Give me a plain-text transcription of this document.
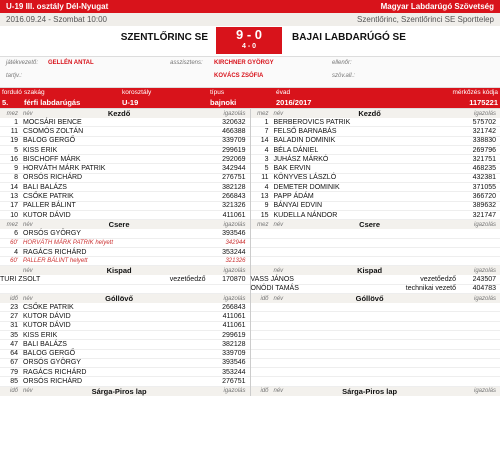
U-19 III. osztály Dél-Nyugat	Magyar Labdarúgó Szövetség
2016.09.24 - Szombat 10:00	Szentlőrinc, Szentlőrinci SE Sporttelep
SZENTLŐRINC SE	9 - 0
4 - 0
BAJAI LABDARÚGÓ SE
játékvezető: GELLÉN ANTAL	asszisztens: KIRCHNER GYÖRGY
KOVÁCS ZSÓFIA
ellenőr:
tartjv.:	szöv.all.:
forduló
5.
szakág
férfi labdarúgás
korosztály
U-19
típus
bajnoki
évad
2016/2017
mérkőzés kódja
1175221
mez név	Kezdő	igazolás
1 MOCSÁRI BENCE	320632
11 CSOMÓS ZOLTÁN	466388
19 BALOG GERGŐ	339709
5 KISS ERIK	299619
16 BISCHOFF MÁRK	292069
9 HORVÁTH MÁRK PATRIK	342944
8 ORSÓS RICHÁRD	276751
14 BALI BALÁZS	382128
13 CSŐKE PATRIK	266843
17 PALLER BÁLINT	321326
10 KUTOR DÁVID	411061
mez név	Csere	igazolás
6 ORSÓS GYÖRGY	393546
60' HORVÁTH MÁRK PATRIK helyett	342944
4 RAGÁCS RICHÁRD	353244
60' PALLER BÁLINT helyett	321326
név	Kispad	igazolás
TURI ZSOLT	vezetőedző	170870
idő név	Góllövő	igazolás
23 CSŐKE PATRIK	266843
27 KUTOR DÁVID	411061
31 KUTOR DÁVID	411061
35 KISS ERIK	299619
47 BALI BALÁZS	382128
64 BALOG GERGŐ	339709
67 ORSÓS GYÖRGY	393546
79 RAGÁCS RICHÁRD	353244
85 ORSÓS RICHÁRD	276751
idő név	Sárga-Piros lap	igazolás
mez név	Kezdő	igazolás
1 BERBEROVICS PATRIK	575702
7 FELSŐ BARNABÁS	321742
14 BALADIN DOMINIK	338830
4 BÉLA DÁNIEL	269796
3 JUHÁSZ MÁRKÓ	321751
5 BAK ERVIN	468235
11 KÖNYVES LÁSZLÓ	432381
4 DEMETER DOMINIK	371055
13 PAPP ÁDÁM	366720
9 BÁNYAI EDVIN	389632
15 KUDELLA NÁNDOR	321747
mez név	Csere	igazolás
név	Kispad	igazolás
VASS JÁNOS	vezetőedző	243507
ONÓDI TAMÁS	technikai vezető	404783
idő név	Góllövő	igazolás
idő név	Sárga-Piros lap	igazolás
